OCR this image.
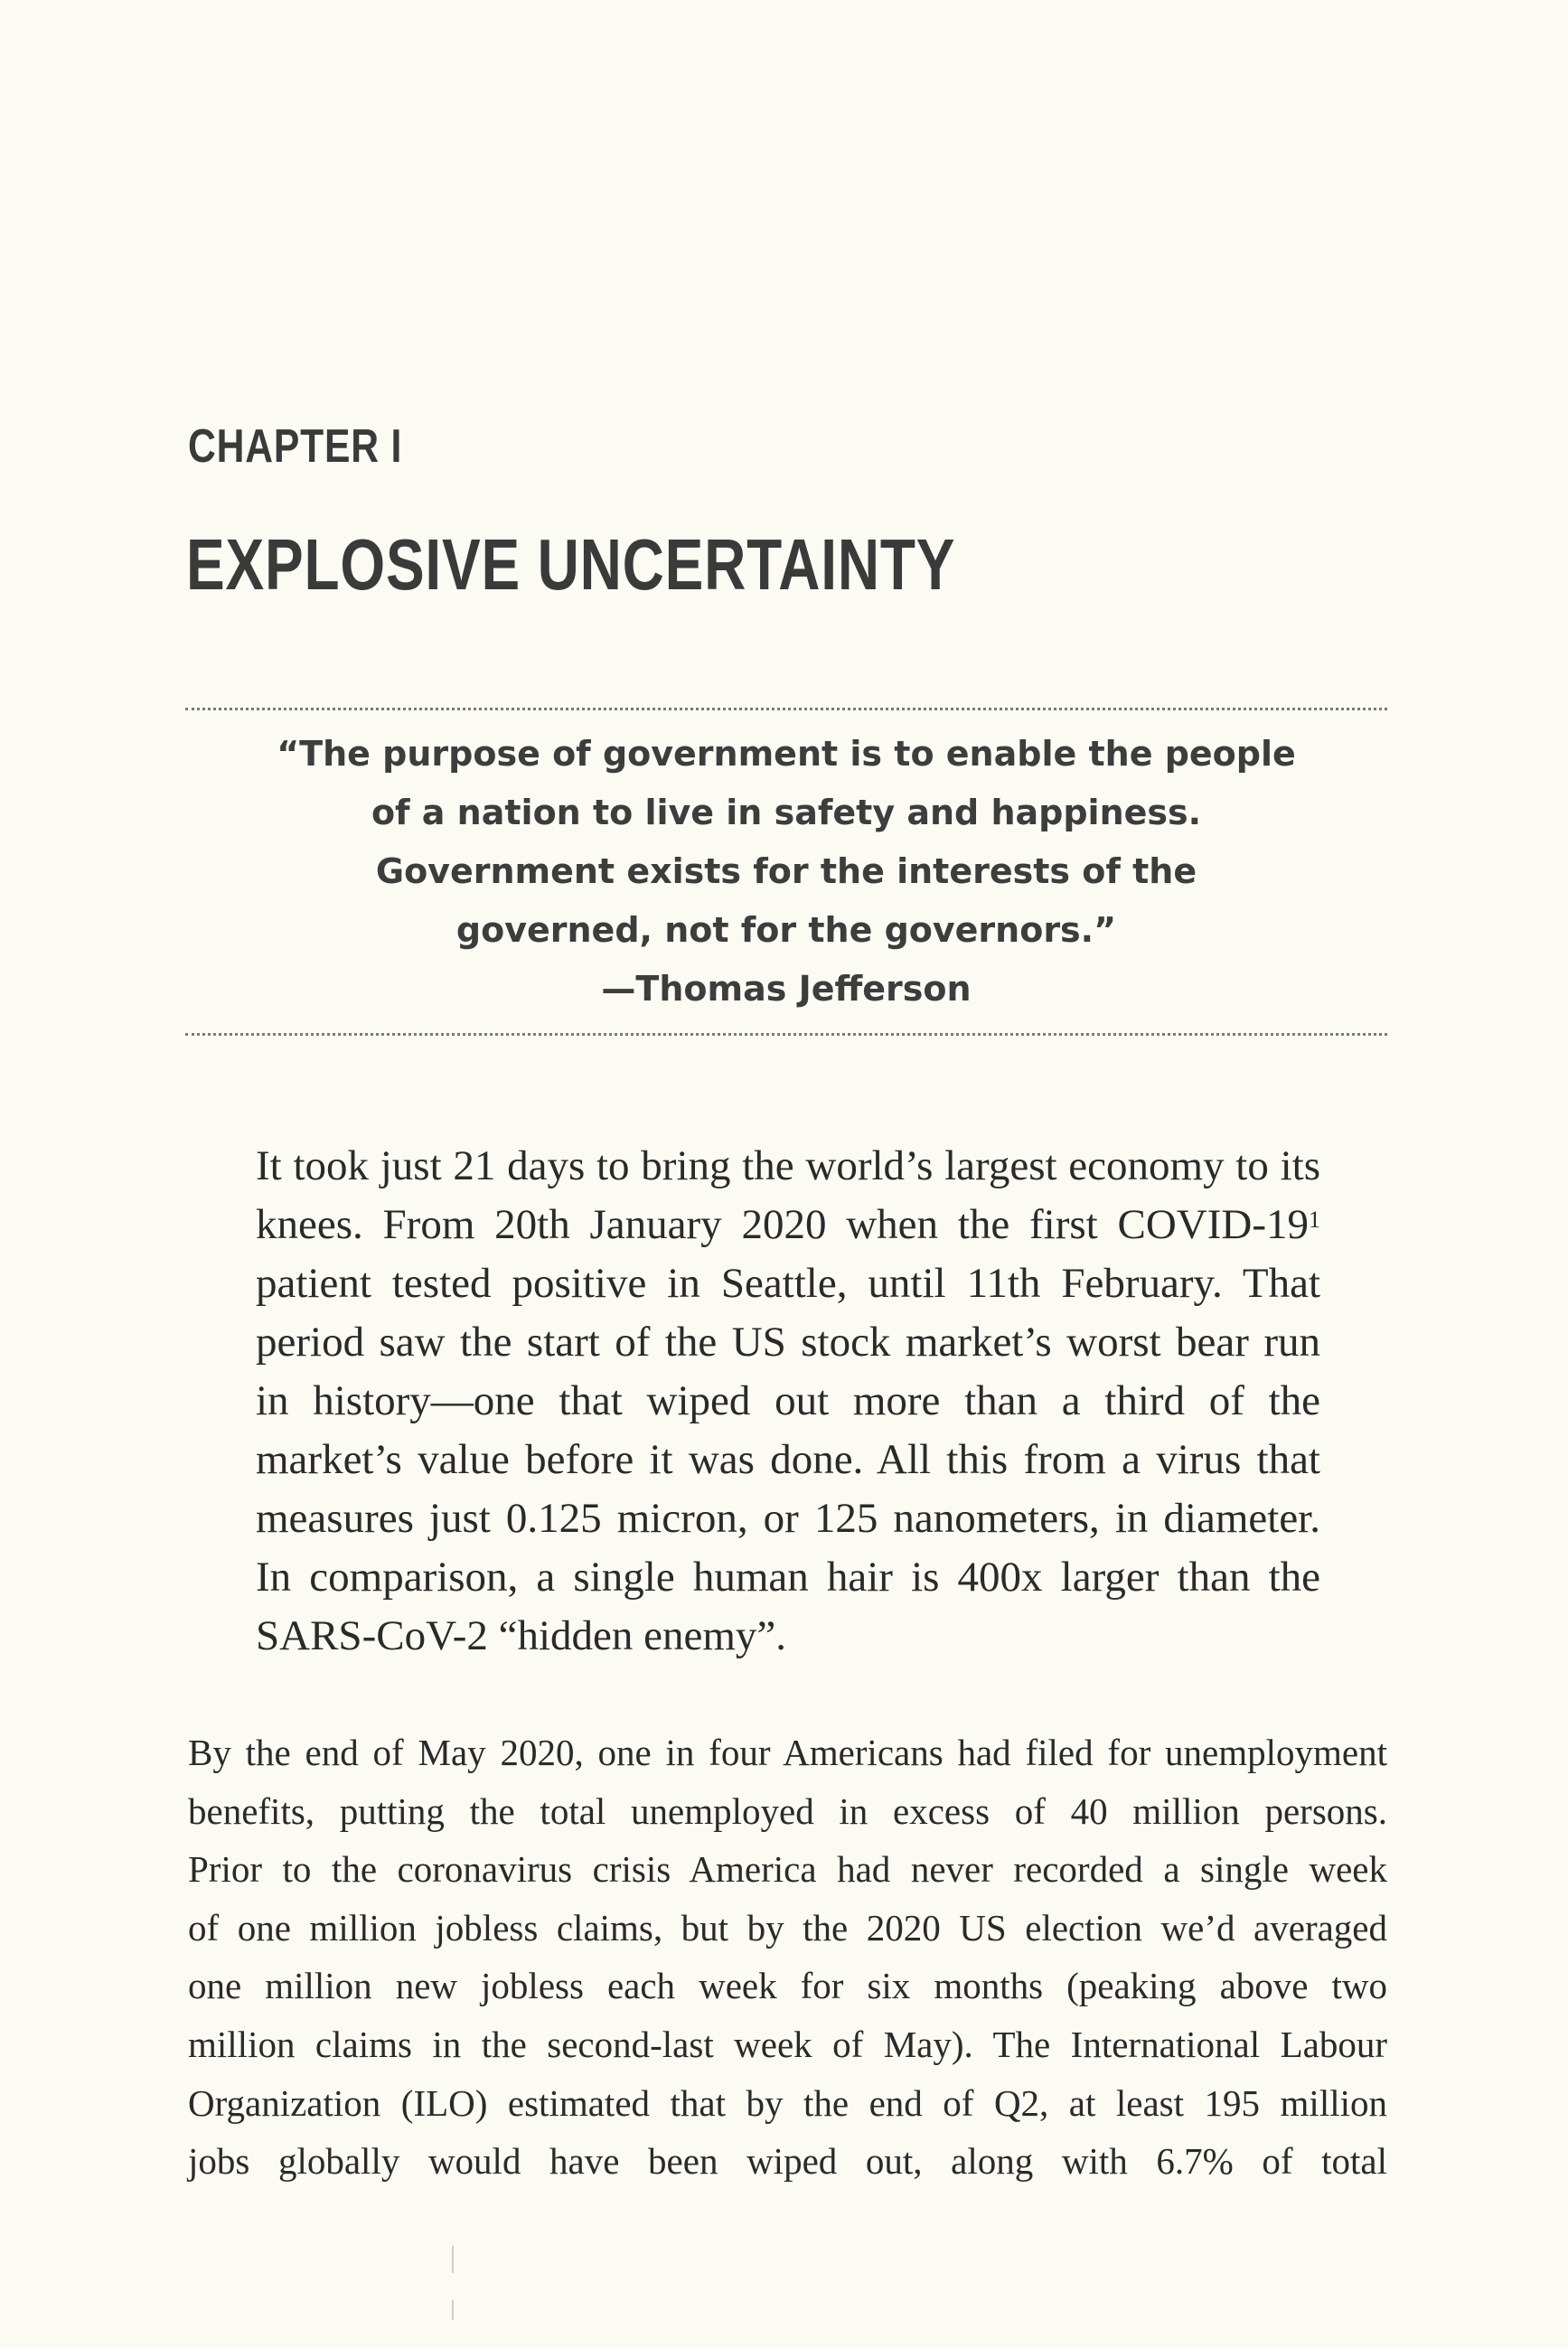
CHAPTER I
EXPLOSIVE UNCERTAINTY
“The purpose of government is to enable the people
of a nation to live in safety and happiness.
Government exists for the interests of the
governed, not for the governors.”
—Thomas Jefferson
It took just 21 days to bring the world’s largest economy to its
knees. From 20th January 2020 when the first COVID-$19^1$
patient tested positive in Seattle, until 11th February. That
period saw the start of the US stock market’s worst bear run
in history—one that wiped out more than a third of the
market’s value before it was done. All this from a virus that
measures just 0.125 micron, or 125 nanometers, in diameter.
In comparison, a single human hair is 400x larger than the
SARS-CoV-2 “hidden enemy”.
By the end of May 2020, one in four Americans had filed for unemployment
benefits, putting the total unemployed in excess of 40 million persons.
Prior to the coronavirus crisis America had never recorded a single week
of one million jobless claims, but by the 2020 US election we’d averaged
one million new jobless each week for six months (peaking above two
million claims in the second-last week of May). The International Labour
Organization (ILO) estimated that by the end of Q2, at least 195 million
jobs globally would have been wiped out, along with 6.7% of total
